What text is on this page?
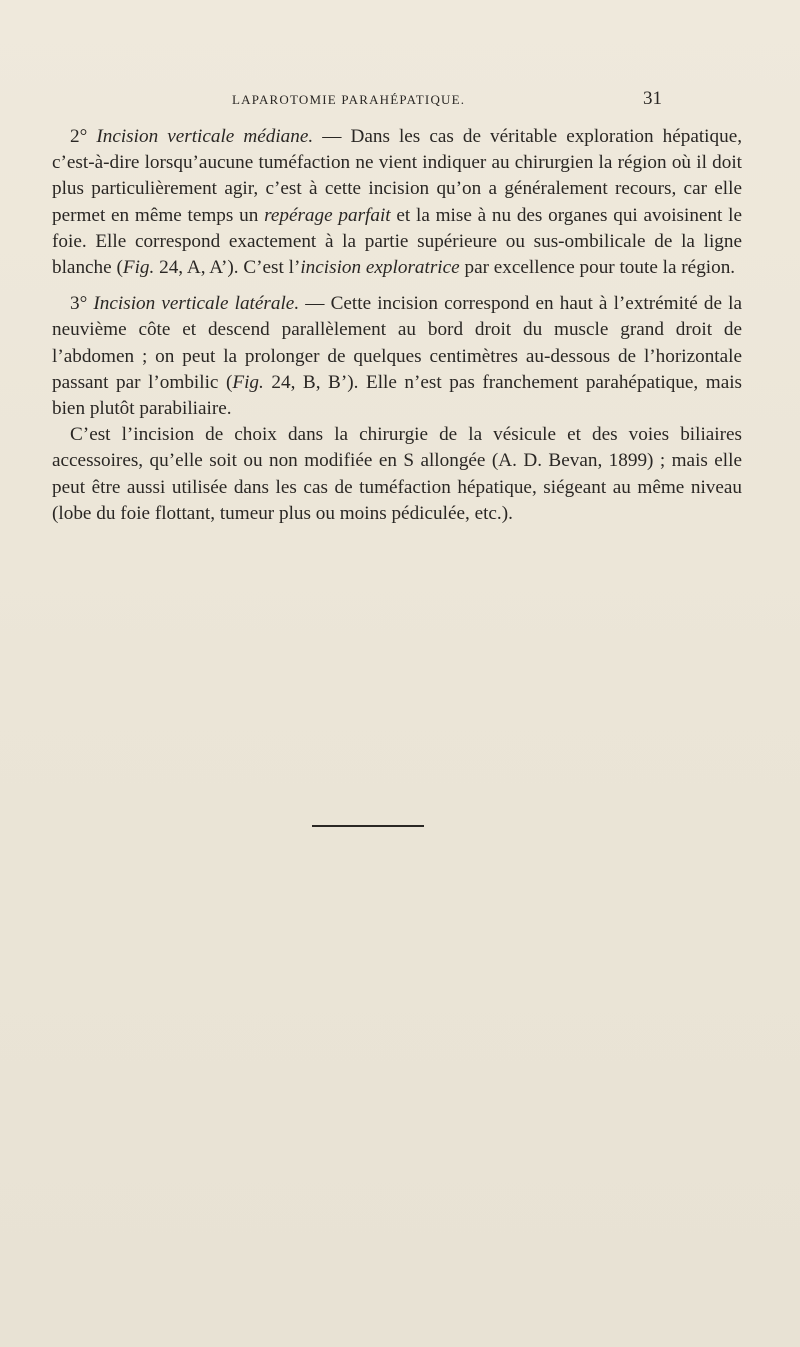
LAPAROTOMIE PARAHÉPATIQUE.	31

2° Incision verticale médiane. — Dans les cas de véritable exploration hépatique, c’est-à-dire lorsqu’aucune tuméfaction ne vient indiquer au chirurgien la région où il doit plus particulièrement agir, c’est à cette incision qu’on a généralement recours, car elle permet en même temps un repérage parfait et la mise à nu des organes qui avoisinent le foie. Elle correspond exactement à la partie supérieure ou sus-ombilicale de la ligne blanche (Fig. 24, A, A’). C’est l’incision exploratrice par excellence pour toute la région.

3° Incision verticale latérale. — Cette incision correspond en haut à l’extrémité de la neuvième côte et descend parallèlement au bord droit du muscle grand droit de l’abdomen ; on peut la prolonger de quelques centimètres au-dessous de l’horizontale passant par l’ombilic (Fig. 24, B, B’). Elle n’est pas franchement parahépatique, mais bien plutôt parabiliaire.

C’est l’incision de choix dans la chirurgie de la vésicule et des voies biliaires accessoires, qu’elle soit ou non modifiée en S allongée (A. D. Bevan, 1899) ; mais elle peut être aussi utilisée dans les cas de tuméfaction hépatique, siégeant au même niveau (lobe du foie flottant, tumeur plus ou moins pédiculée, etc.).
